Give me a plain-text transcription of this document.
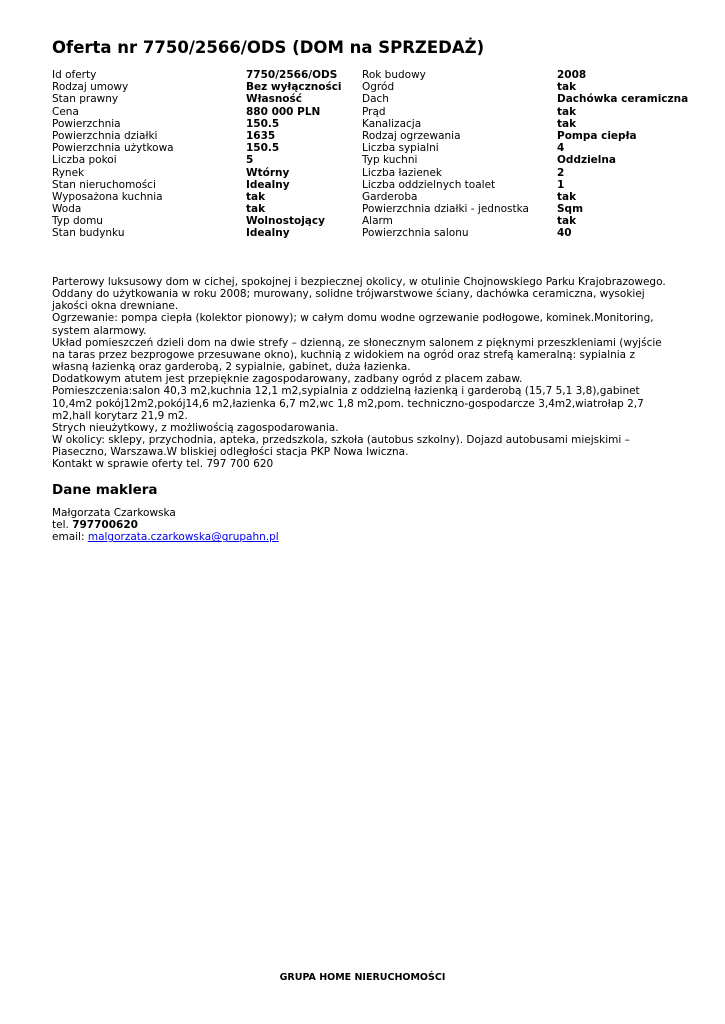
Oferta nr 7750/2566/ODS (DOM na SPRZEDAŻ)
Id oferty
Rodzaj umowy
Stan prawny
Cena
Powierzchnia
Powierzchnia działki
Powierzchnia użytkowa
Liczba pokoi
Rynek
Stan nieruchomości
Wyposażona kuchnia
Woda
Typ domu
Stan budynku
7750/2566/ODS
Bez wyłączności
Własność
880 000 PLN
150.5
1635
150.5
5
Wtórny
Idealny
tak
tak
Wolnostojący
Idealny
Rok budowy
Ogród
Dach
Prąd
Kanalizacja
Rodzaj ogrzewania
Liczba sypialni
Typ kuchni
Liczba łazienek
Liczba oddzielnych toalet
Garderoba
Powierzchnia działki - jednostka
Alarm
Powierzchnia salonu
2008
tak
Dachówka ceramiczna
tak
tak
Pompa ciepła
4
Oddzielna
2
1
tak
Sqm
tak
40

Parterowy luksusowy dom w cichej, spokojnej i bezpiecznej okolicy, w otulinie Chojnowskiego Parku Krajobrazowego.

Oddany do użytkowania w roku 2008; murowany, solidne trójwarstwowe ściany, dachówka ceramiczna, wysokiej jakości okna drewniane.

Ogrzewanie: pompa ciepła (kolektor pionowy); w całym domu wodne ogrzewanie podłogowe, kominek.Monitoring, system alarmowy.

Układ pomieszczeń dzieli dom na dwie strefy – dzienną, ze słonecznym salonem z pięknymi przeszkleniami (wyjście na taras przez bezprogowe przesuwane okno), kuchnią z widokiem na ogród oraz strefą kameralną: sypialnia z własną łazienką oraz garderobą, 2 sypialnie, gabinet, duża łazienka.

Dodatkowym atutem jest przepięknie zagospodarowany, zadbany ogród z placem zabaw.

Pomieszczenia:salon 40,3 m2,kuchnia 12,1 m2,sypialnia z oddzielną łazienką i garderobą (15,7 5,1 3,8),gabinet 10,4m2 pokój12m2,pokój14,6 m2,łazienka 6,7 m2,wc 1,8 m2,pom. techniczno-gospodarcze 3,4m2,wiatrołap 2,7 m2,hall korytarz 21,9 m2.

Strych nieużytkowy, z możliwością zagospodarowania.

W okolicy: sklepy, przychodnia, apteka, przedszkola, szkoła (autobus szkolny). Dojazd autobusami miejskimi – Piaseczno, Warszawa.W bliskiej odległości stacja PKP Nowa Iwiczna.

Kontakt w sprawie oferty tel. 797 700 620

Dane maklera
Małgorzata Czarkowska
tel. 797700620
email: malgorzata.czarkowska@grupahn.pl
GRUPA HOME NIERUCHOMOŚCI
